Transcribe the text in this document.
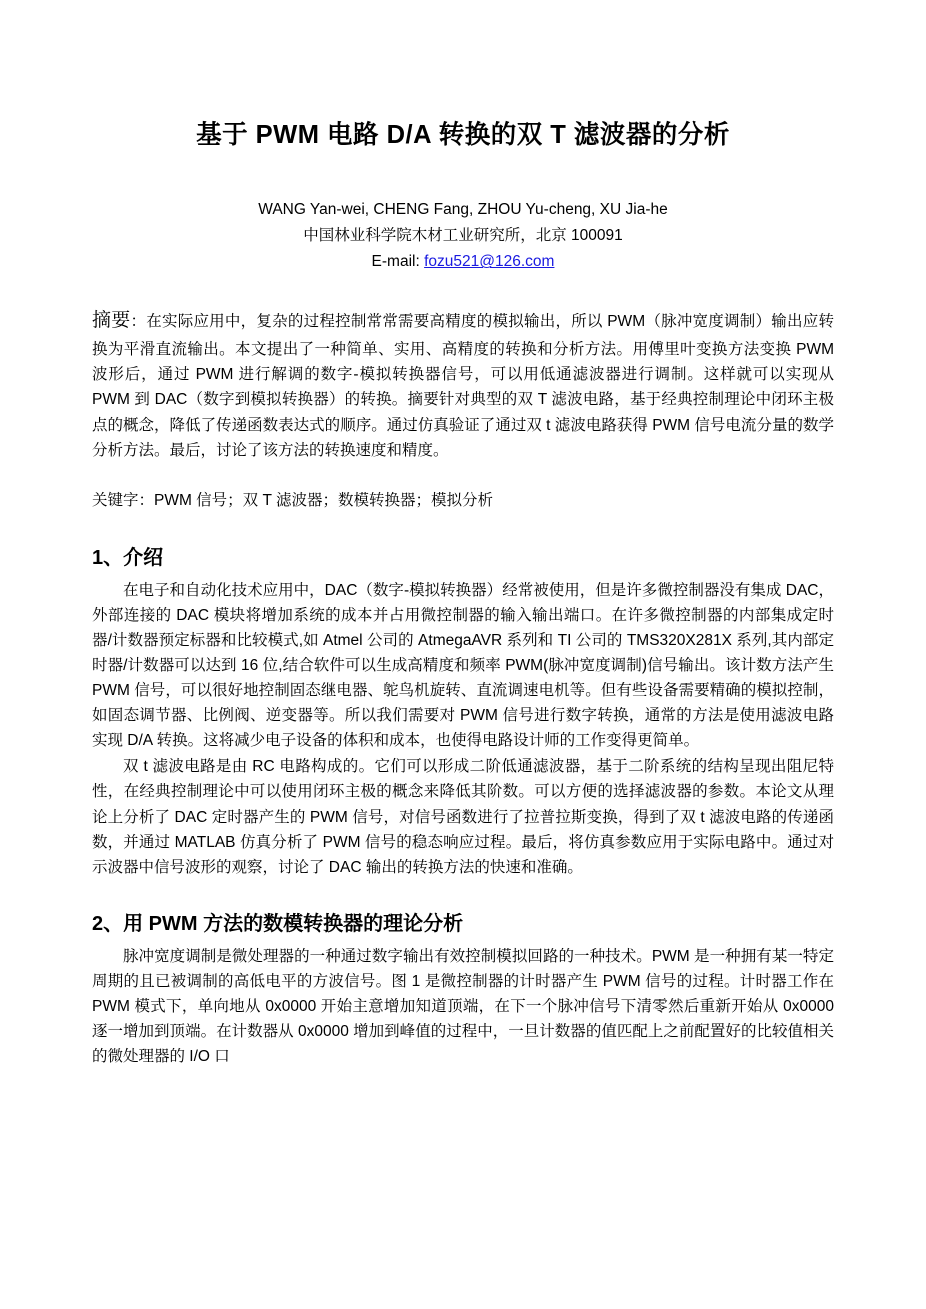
基于 PWM 电路 D/A 转换的双 T 滤波器的分析
WANG Yan-wei, CHENG Fang, ZHOU Yu-cheng, XU Jia-he
中国林业科学院木材工业研究所，北京 100091
E-mail: fozu521@126.com
摘要：在实际应用中，复杂的过程控制常常需要高精度的模拟输出，所以 PWM（脉冲宽度调制）输出应转换为平滑直流输出。本文提出了一种简单、实用、高精度的转换和分析方法。用傅里叶变换方法变换 PWM 波形后，通过 PWM 进行解调的数字-模拟转换器信号，可以用低通滤波器进行调制。这样就可以实现从 PWM 到 DAC（数字到模拟转换器）的转换。摘要针对典型的双 T 滤波电路，基于经典控制理论中闭环主极点的概念，降低了传递函数表达式的顺序。通过仿真验证了通过双 t 滤波电路获得 PWM 信号电流分量的数学分析方法。最后，讨论了该方法的转换速度和精度。
关键字：PWM 信号；双 T 滤波器；数模转换器；模拟分析
1、介绍

在电子和自动化技术应用中，DAC（数字-模拟转换器）经常被使用，但是许多微控制器没有集成 DAC，外部连接的 DAC 模块将增加系统的成本并占用微控制器的输入输出端口。在许多微控制器的内部集成定时器/计数器预定标器和比较模式,如 Atmel 公司的 AtmegaAVR 系列和 TI 公司的 TMS320X281X 系列,其内部定时器/计数器可以达到 16 位,结合软件可以生成高精度和频率 PWM(脉冲宽度调制)信号输出。该计数方法产生 PWM 信号，可以很好地控制固态继电器、鸵鸟机旋转、直流调速电机等。但有些设备需要精确的模拟控制，如固态调节器、比例阀、逆变器等。所以我们需要对 PWM 信号进行数字转换，通常的方法是使用滤波电路实现 D/A 转换。这将减少电子设备的体积和成本，也使得电路设计师的工作变得更简单。

双 t 滤波电路是由 RC 电路构成的。它们可以形成二阶低通滤波器，基于二阶系统的结构呈现出阻尼特性，在经典控制理论中可以使用闭环主极的概念来降低其阶数。可以方便的选择滤波器的参数。本论文从理论上分析了 DAC 定时器产生的 PWM 信号，对信号函数进行了拉普拉斯变换，得到了双 t 滤波电路的传递函数，并通过 MATLAB 仿真分析了 PWM 信号的稳态响应过程。最后，将仿真参数应用于实际电路中。通过对示波器中信号波形的观察，讨论了 DAC 输出的转换方法的快速和准确。

2、用 PWM 方法的数模转换器的理论分析

脉冲宽度调制是微处理器的一种通过数字输出有效控制模拟回路的一种技术。PWM 是一种拥有某一特定周期的且已被调制的高低电平的方波信号。图 1 是微控制器的计时器产生 PWM 信号的过程。计时器工作在 PWM 模式下，单向地从 0x0000 开始主意增加知道顶端，在下一个脉冲信号下清零然后重新开始从 0x0000 逐一增加到顶端。在计数器从 0x0000 增加到峰值的过程中，一旦计数器的值匹配上之前配置好的比较值相关的微处理器的 I/O 口
